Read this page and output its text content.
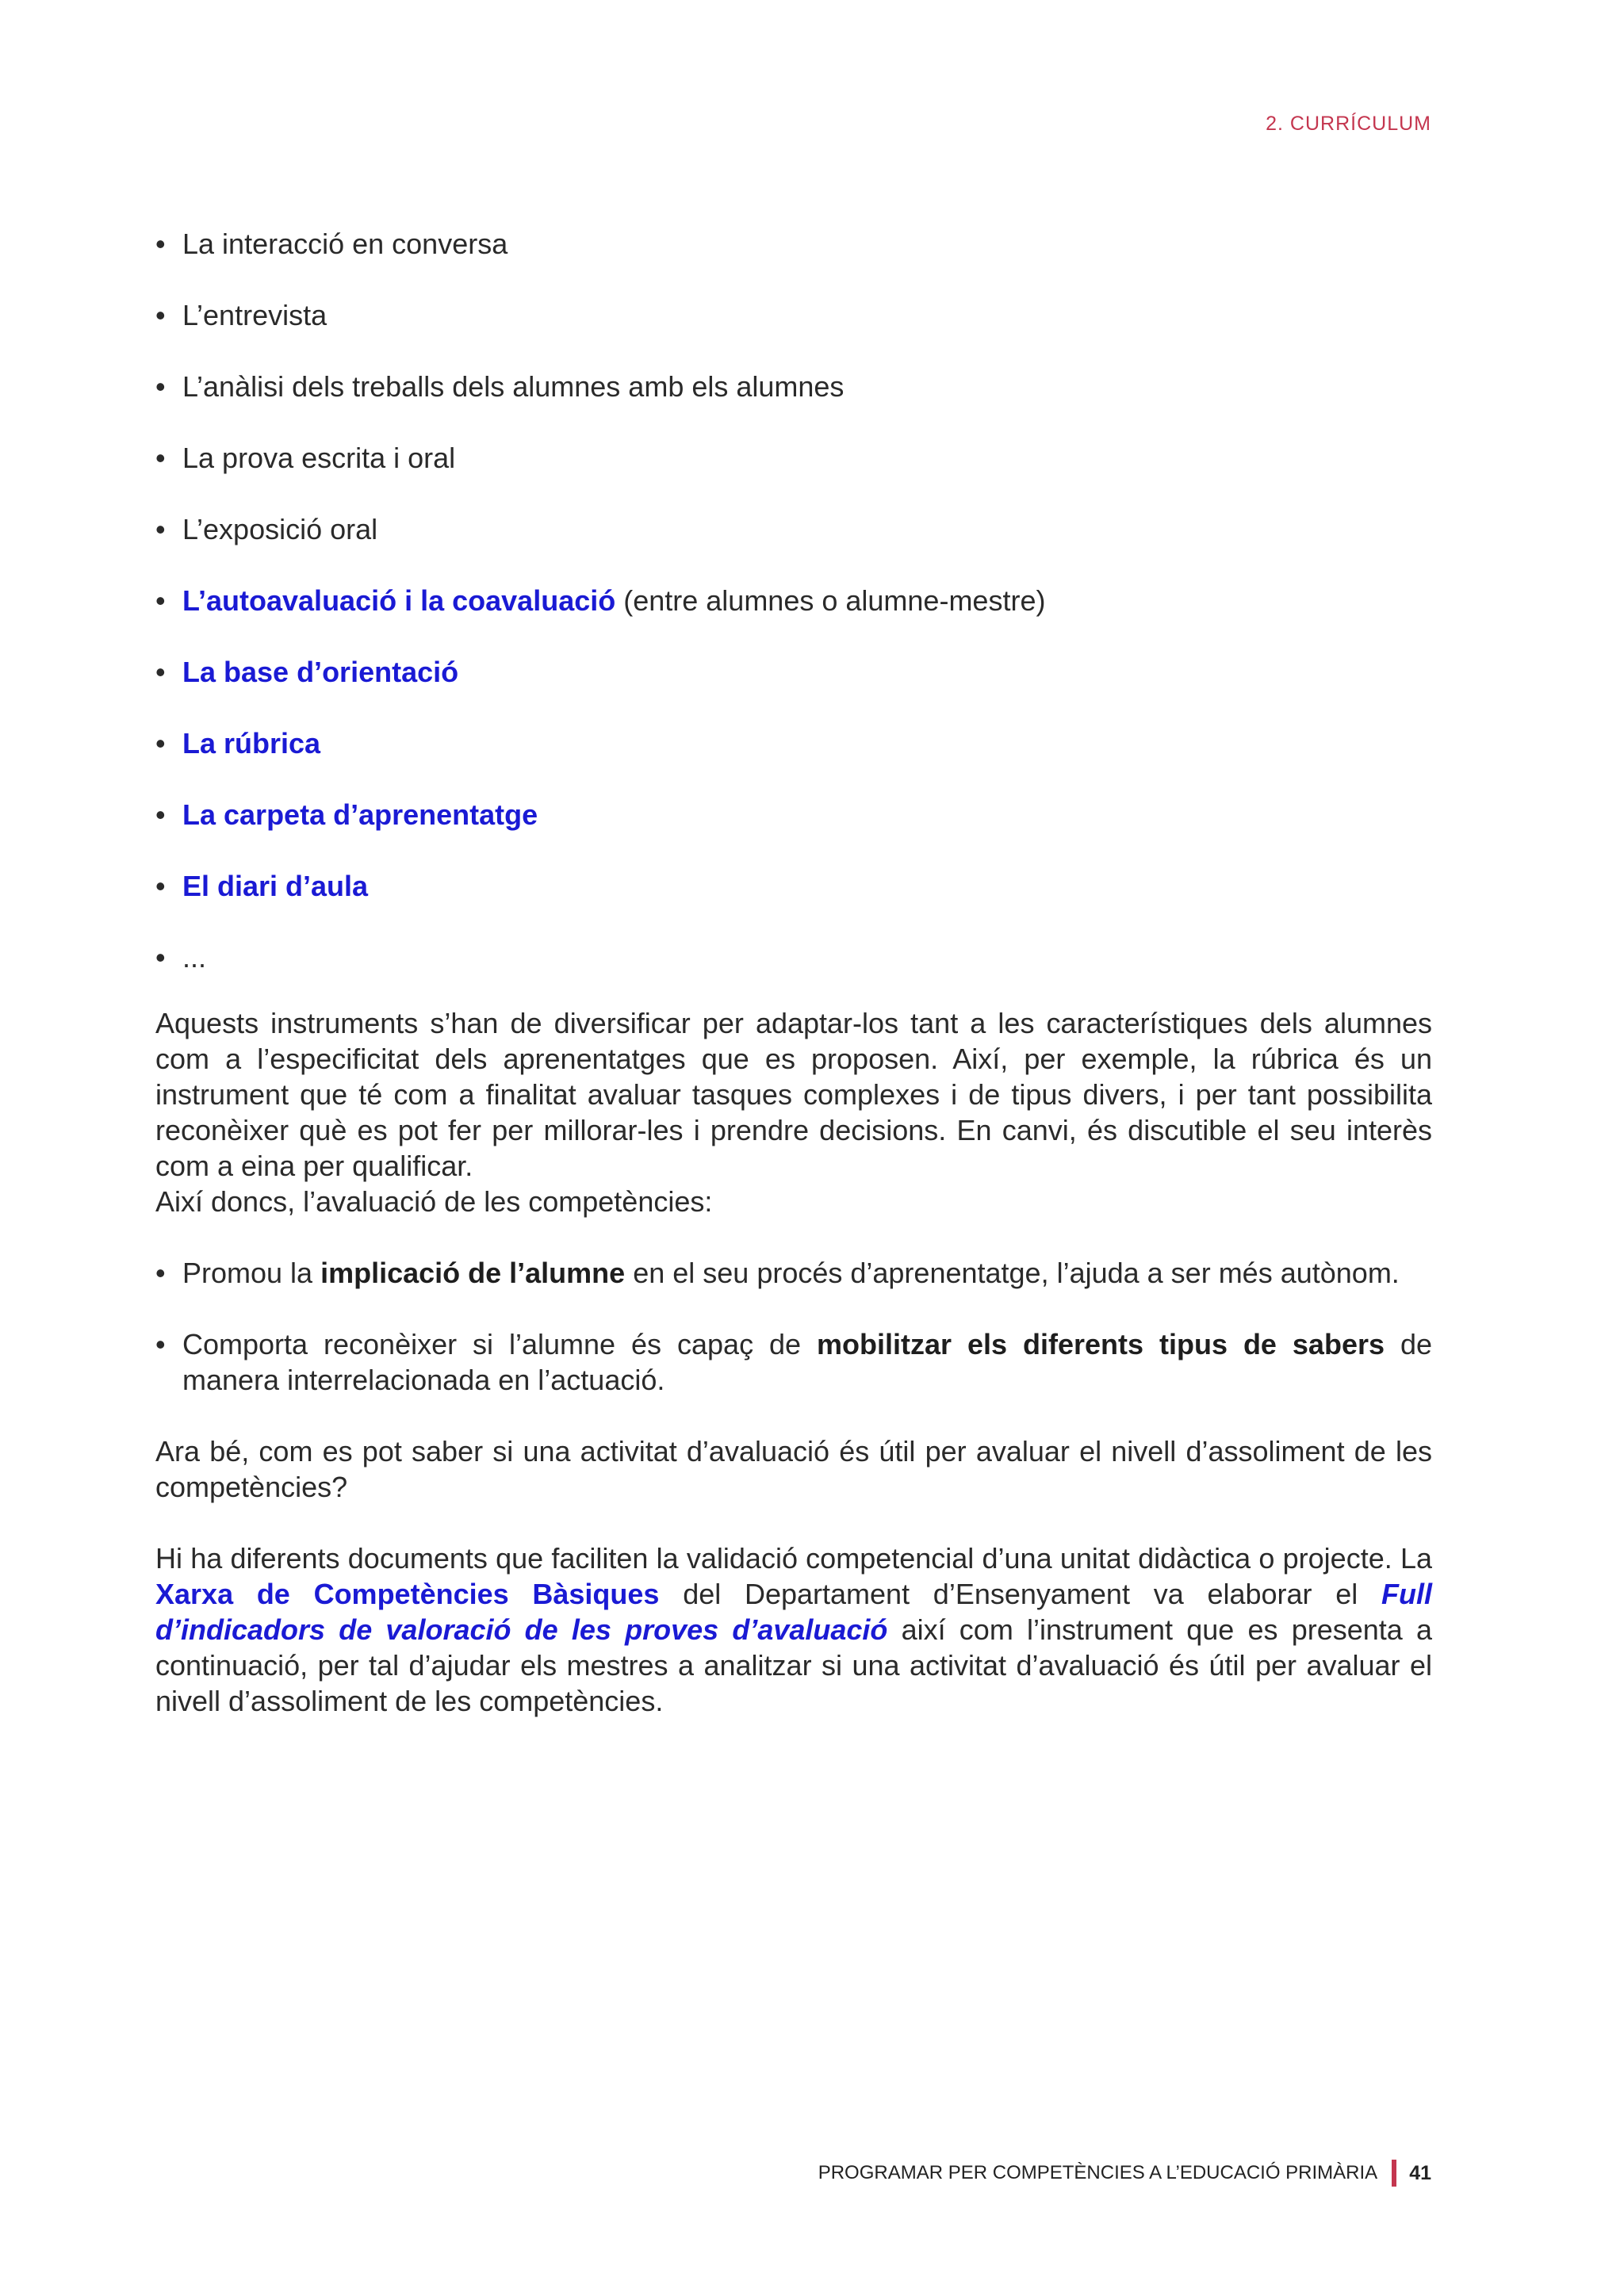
2. CURRÍCULUM
• La interacció en conversa
• L’entrevista
• L’anàlisi dels treballs dels alumnes amb els alumnes
• La prova escrita i oral
• L’exposició oral
• L’autoavaluació i la coavaluació (entre alumnes o alumne-mestre)
• La base d’orientació
• La rúbrica
• La carpeta d’aprenentatge
• El diari d’aula
• ...

Aquests instruments s’han de diversificar per adaptar-los tant a les característiques dels alumnes com a l’especificitat dels aprenentatges que es proposen. Així, per exemple, la rúbrica és un instrument que té com a finalitat avaluar tasques complexes i de tipus divers, i per tant possibilita reconèixer què es pot fer per millorar-les i prendre decisions. En canvi, és discutible el seu interès com a eina per qualificar.

Així doncs, l’avaluació de les competències:

• Promou la implicació de l’alumne en el seu procés d’aprenentatge, l’ajuda a ser més autònom.
• Comporta reconèixer si l’alumne és capaç de mobilitzar els diferents tipus de sabers de manera interrelacionada en l’actuació.

Ara bé, com es pot saber si una activitat d’avaluació és útil per avaluar el nivell d’assoliment de les competències?

Hi ha diferents documents que faciliten la validació competencial d’una unitat didàctica o projecte. La Xarxa de Competències Bàsiques del Departament d’Ensenyament va elaborar el Full d’indicadors de valoració de les proves d’avaluació així com l’instrument que es presenta a continuació, per tal d’ajudar els mestres a analitzar si una activitat d’avaluació és útil per avaluar el nivell d’assoliment de les competències.

PROGRAMAR PER COMPETÈNCIES A L’EDUCACIÓ PRIMÀRIA 41
